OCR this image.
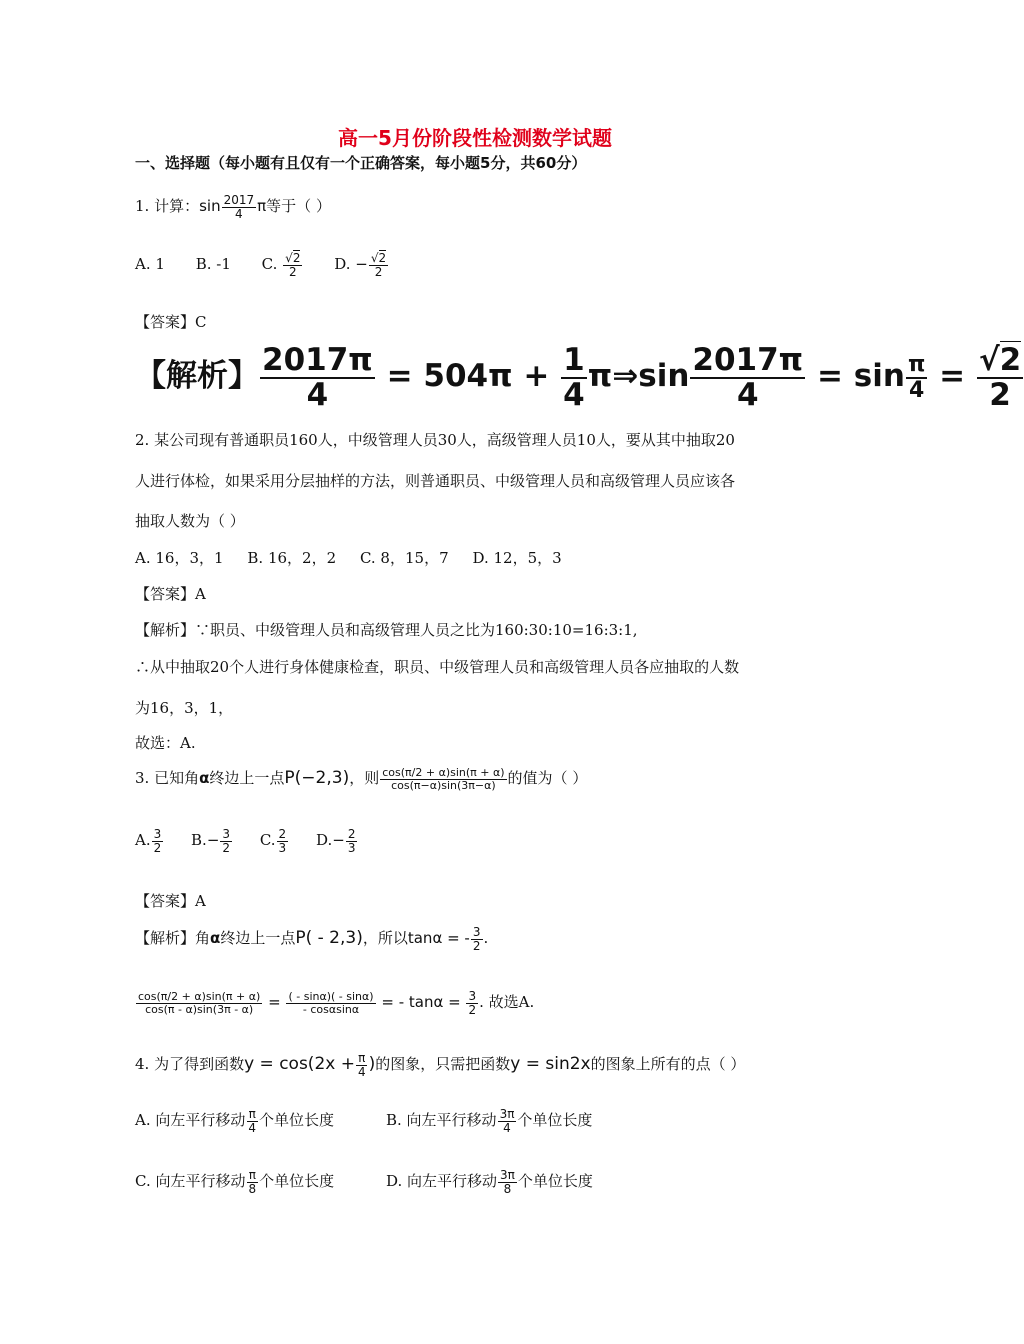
高一5月份阶段性检测数学试题
一、选择题（每小题有且仅有一个正确答案，每小题5分，共60分）
1. 计算：$\sin \frac{2017}{4}$ π等于（ ）
A. 1 B. -1 C. $\frac{√2}{2} D$. − $\frac{√2}{2}$
【答案】C
【解析】 $\frac{2017\pi}{4} = 504\pi + \frac{1}{4}$ π⇒sin $\frac{2017\pi}{4} = \sin \frac{\pi}{4} = \frac{√2}{2}$
2. 某公司现有普通职员160人，中级管理人员30人，高级管理人员10人，要从其中抽取20
人进行体检，如果采用分层抽样的方法，则普通职员、中级管理人员和高级管理人员应该各
抽取人数为（ ）
A. 16，3，1     B. 16，2，2     C. 8，15，7     D. 12，5，3
【答案】A
【解析】∵职员、中级管理人员和高级管理人员之比为160:30:10=16:3:1,
∴从中抽取20个人进行身体健康检查，职员、中级管理人员和高级管理人员各应抽取的人数
为16，3，1，
故选：A.
3. 已知角α终边上一点P(−2,3)，则 $\frac{\cos(\pi/2 + \alpha)\sin(\pi + \alpha)}{\cos(\pi-\alpha)\sin(3\pi-\alpha)}$ 的值为（ ）
A. $\frac{3}{2} B.- \frac{3}{2} C$. $\frac{2}{3} D.- \frac{2}{3}$
【答案】A
【解析】角α终边上一点P( - 2,3)，所以tanα = - $\frac{3}{2}$ .
$\frac{\cos(\pi/2 + \alpha)\sin(\pi + \alpha)}{\cos(\pi - \alpha)\sin(3\pi - \alpha)} = \frac{( - \sin\alpha)( - \sin\alpha)}{- \cos\alpha\sin\alpha}$ = - $\tan\alpha = \frac{3}{2}$ . 故选A.
4. 为了得到函数$y = \cos(2x + \frac{\pi}{4}$ )的图象，只需把函数y = sin2x的图象上所有的点（ ）
A. 向左平行移动 $\frac{\pi}{4}$ 个单位长度	B. 向左平行移动 $\frac{3\pi}{4}$ 个单位长度
C. 向左平行移动 $\frac{\pi}{8}$ 个单位长度	D. 向左平行移动 $\frac{3\pi}{8}$ 个单位长度
